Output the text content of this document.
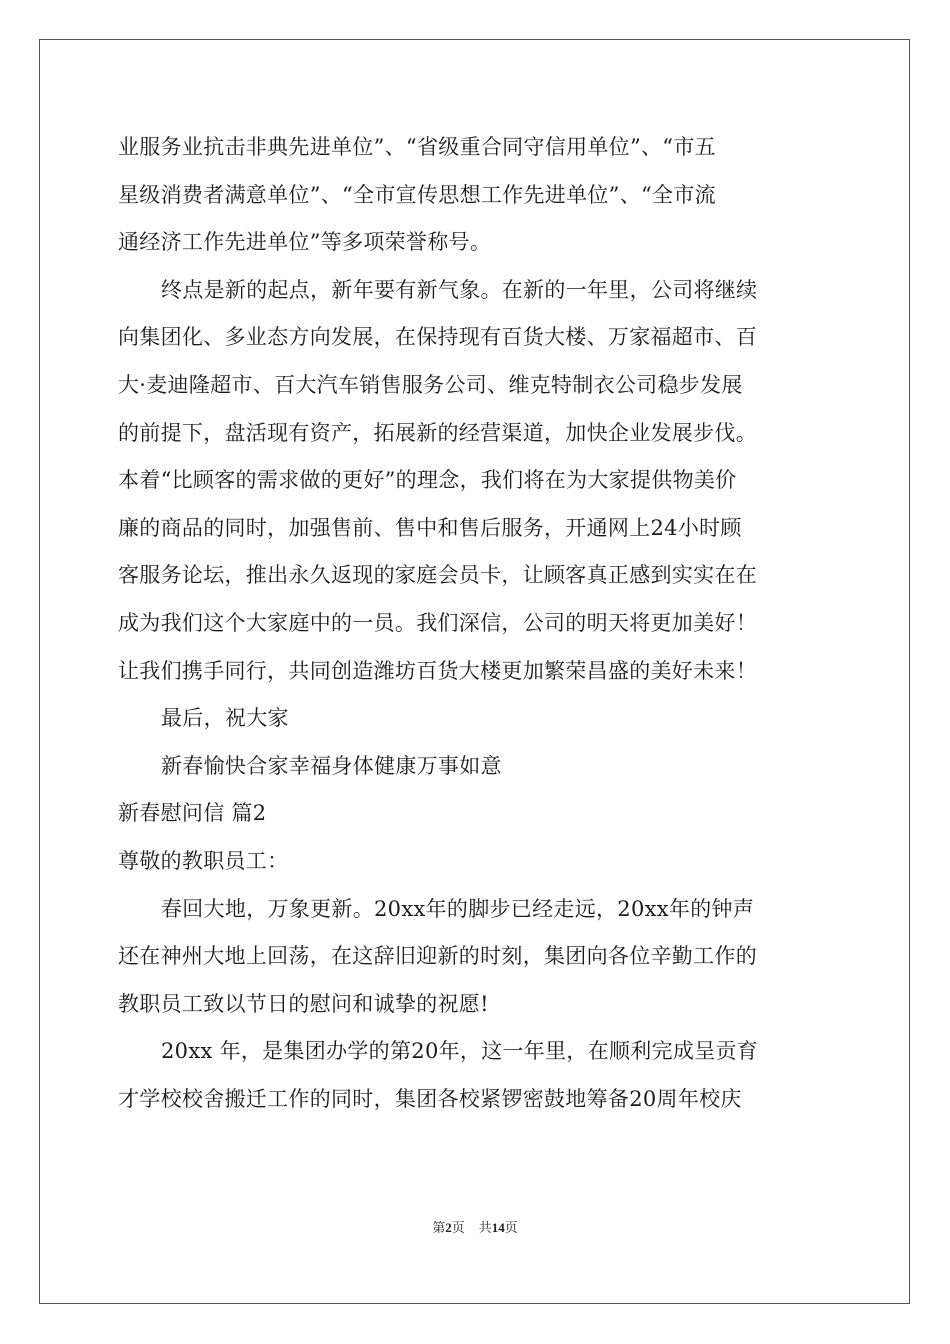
业服务业抗击非典先进单位”、“省级重合同守信用单位”、“市五
星级消费者满意单位”、“全市宣传思想工作先进单位”、“全市流
通经济工作先进单位”等多项荣誉称号。
终点是新的起点，新年要有新气象。在新的一年里，公司将继续
向集团化、多业态方向发展，在保持现有百货大楼、万家福超市、百
大·麦迪隆超市、百大汽车销售服务公司、维克特制衣公司稳步发展
的前提下，盘活现有资产，拓展新的经营渠道，加快企业发展步伐。
本着“比顾客的需求做的更好”的理念，我们将在为大家提供物美价
廉的商品的同时，加强售前、售中和售后服务，开通网上24小时顾
客服务论坛，推出永久返现的家庭会员卡，让顾客真正感到实实在在
成为我们这个大家庭中的一员。我们深信，公司的明天将更加美好！
让我们携手同行，共同创造潍坊百货大楼更加繁荣昌盛的美好未来！
最后，祝大家
新春愉快合家幸福身体健康万事如意
新春慰问信 篇2
尊敬的教职员工：
春回大地，万象更新。20xx年的脚步已经走远，20xx年的钟声
还在神州大地上回荡，在这辞旧迎新的时刻，集团向各位辛勤工作的
教职员工致以节日的慰问和诚挚的祝愿!
20xx 年，是集团办学的第20年，这一年里，在顺利完成呈贡育
才学校校舍搬迁工作的同时，集团各校紧锣密鼓地筹备20周年校庆
第2页 共14页
